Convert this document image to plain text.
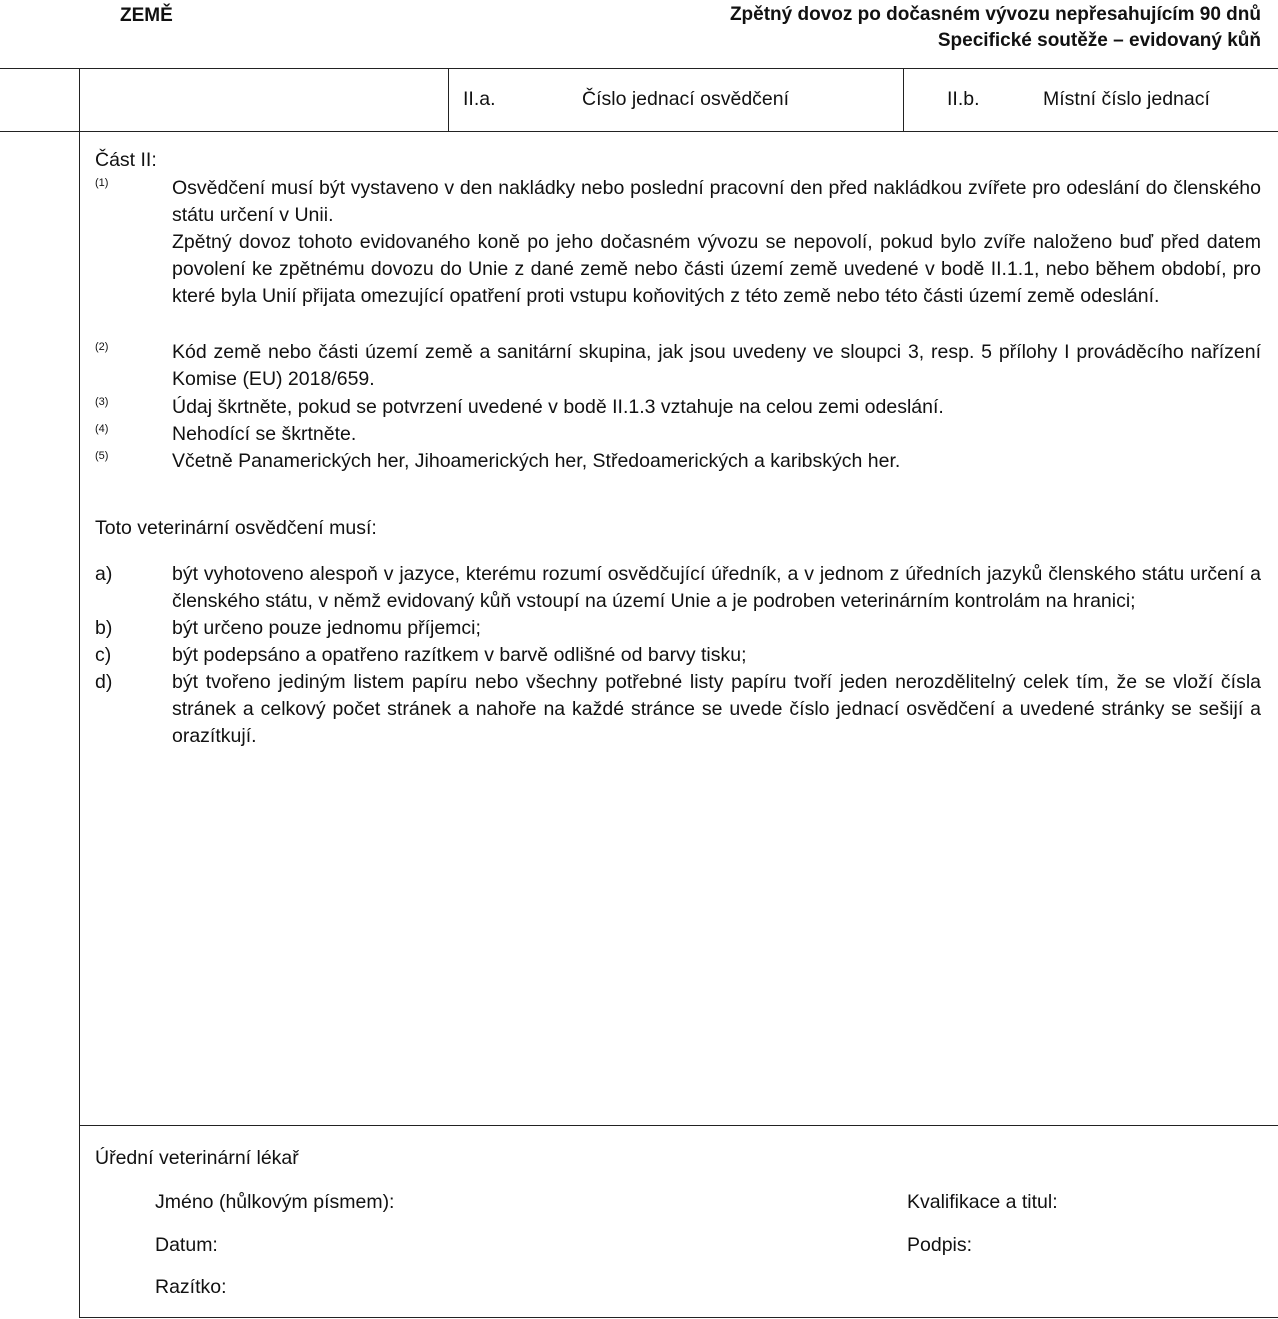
ZEMĚ	Zpětný dovoz po dočasném vývozu nepřesahujícím 90 dnů
Specifické soutěže – evidovaný kůň
II.a.	Číslo jednací osvědčení	II.b.	Místní číslo jednací
Část II:
(1)	Osvědčení musí být vystaveno v den nakládky nebo poslední pracovní den před nakládkou zvířete pro odeslání do členského státu určení v Unii.

Zpětný dovoz tohoto evidovaného koně po jeho dočasném vývozu se nepovolí, pokud bylo zvíře naloženo buď před datem povolení ke zpětnému dovozu do Unie z dané země nebo části území země uvedené v bodě II.1.1, nebo během období, pro které byla Unií přijata omezující opatření proti vstupu koňovitých z této země nebo této části území země odeslání.

(2)	Kód země nebo části území země a sanitární skupina, jak jsou uvedeny ve sloupci 3, resp. 5 přílohy I prováděcího nařízení Komise (EU) 2018/659.

(3)	Údaj škrtněte, pokud se potvrzení uvedené v bodě II.1.3 vztahuje na celou zemi odeslání.

(4)	Nehodící se škrtněte.

(5)	Včetně Panamerických her, Jihoamerických her, Středoamerických a karibských her.

Toto veterinární osvědčení musí:
a)	být vyhotoveno alespoň v jazyce, kterému rozumí osvědčující úředník, a v jednom z úředních jazyků členského státu určení a členského státu, v němž evidovaný kůň vstoupí na území Unie a je podroben veterinárním kontrolám na hranici;
b)	být určeno pouze jednomu příjemci;
c)	být podepsáno a opatřeno razítkem v barvě odlišné od barvy tisku;
d)	být tvořeno jediným listem papíru nebo všechny potřebné listy papíru tvoří jeden nerozdělitelný celek tím, že se vloží čísla stránek a celkový počet stránek a nahoře na každé stránce se uvede číslo jednací osvědčení a uvedené stránky se sešijí a orazítkují.
Úřední veterinární lékař
Jméno (hůlkovým písmem):	Kvalifikace a titul:
Datum:	Podpis:
Razítko:
